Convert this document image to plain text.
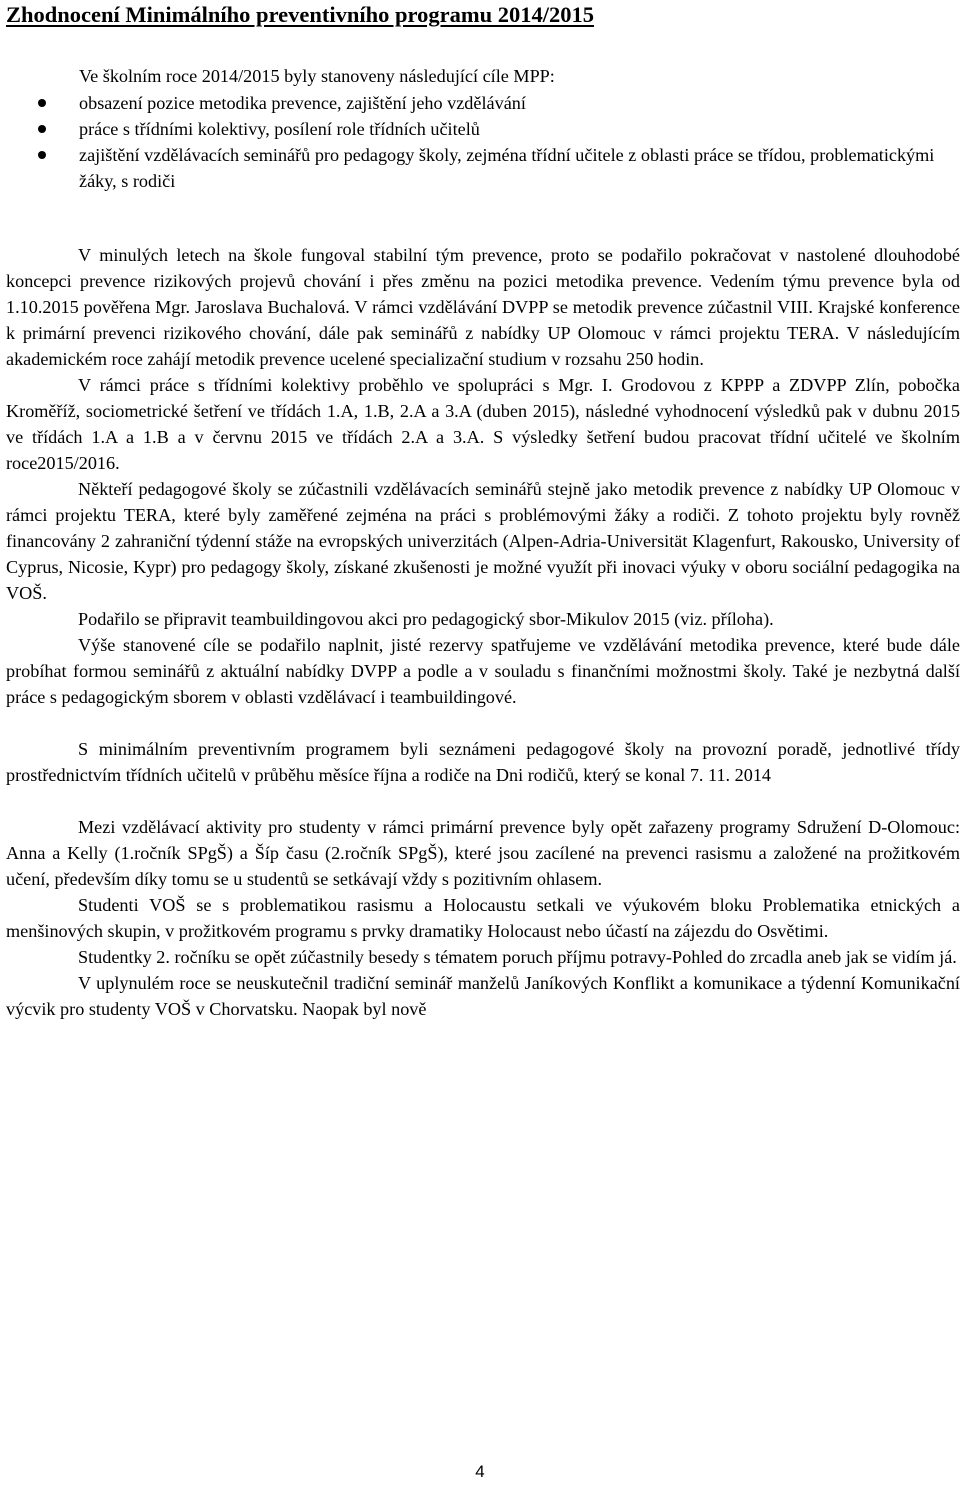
Zhodnocení Minimálního preventivního programu 2014/2015
Ve školním roce 2014/2015 byly stanoveny následující cíle MPP:
obsazení pozice metodika prevence, zajištění jeho vzdělávání
práce s třídními kolektivy, posílení role třídních učitelů
zajištění vzdělávacích seminářů pro pedagogy školy, zejména třídní učitele z oblasti práce se třídou, problematickými žáky, s rodiči

V minulých letech na škole fungoval stabilní tým prevence, proto se podařilo pokračovat v nastolené dlouhodobé koncepci prevence rizikových projevů chování i přes změnu na pozici metodika prevence. Vedením týmu prevence byla od 1.10.2015 pověřena Mgr. Jaroslava Buchalová. V rámci vzdělávání DVPP se metodik prevence zúčastnil VIII. Krajské konference k primární prevenci rizikového chování, dále pak seminářů z nabídky UP Olomouc v rámci projektu TERA. V následujícím akademickém roce zahájí metodik prevence ucelené specializační studium v rozsahu 250 hodin.

V rámci práce s třídními kolektivy proběhlo ve spolupráci s Mgr. I. Grodovou z KPPP a ZDVPP Zlín, pobočka Kroměříž, sociometrické šetření ve třídách 1.A, 1.B, 2.A a 3.A (duben 2015), následné vyhodnocení výsledků pak v dubnu 2015 ve třídách 1.A a 1.B a v červnu 2015 ve třídách 2.A a 3.A. S výsledky šetření budou pracovat třídní učitelé ve školním roce2015/2016.

Někteří pedagogové školy se zúčastnili vzdělávacích seminářů stejně jako metodik prevence z nabídky UP Olomouc v rámci projektu TERA, které byly zaměřené zejména na práci s problémovými žáky a rodiči. Z tohoto projektu byly rovněž financovány 2 zahraniční týdenní stáže na evropských univerzitách (Alpen-Adria-Universität Klagenfurt, Rakousko, University of Cyprus, Nicosie, Kypr) pro pedagogy školy, získané zkušenosti je možné využít při inovaci výuky v oboru sociální pedagogika na VOŠ.

Podařilo se připravit teambuildingovou akci pro pedagogický sbor-Mikulov 2015 (viz. příloha).

Výše stanovené cíle se podařilo naplnit, jisté rezervy spatřujeme ve vzdělávání metodika prevence, které bude dále probíhat formou seminářů z aktuální nabídky DVPP a podle a v souladu s finančními možnostmi školy. Také je nezbytná další práce s pedagogickým sborem v oblasti vzdělávací i teambuildingové.

S minimálním preventivním programem byli seznámeni pedagogové školy na provozní poradě, jednotlivé třídy prostřednictvím třídních učitelů v průběhu měsíce října a rodiče na Dni rodičů, který se konal 7. 11. 2014

Mezi vzdělávací aktivity pro studenty v rámci primární prevence byly opět zařazeny programy Sdružení D-Olomouc: Anna a Kelly (1.ročník SPgŠ) a Šíp času (2.ročník SPgŠ), které jsou zacílené na prevenci rasismu a založené na prožitkovém učení, především díky tomu se u studentů se setkávají vždy s pozitivním ohlasem.

Studenti VOŠ se s problematikou rasismu a Holocaustu setkali ve výukovém bloku Problematika etnických a menšinových skupin, v prožitkovém programu s prvky dramatiky Holocaust nebo účastí na zájezdu do Osvětimi.

Studentky 2. ročníku se opět zúčastnily besedy s tématem poruch příjmu potravy-Pohled do zrcadla aneb jak se vidím já.

V uplynulém roce se neuskutečnil tradiční seminář manželů Janíkových Konflikt a komunikace a týdenní Komunikační výcvik pro studenty VOŠ v Chorvatsku. Naopak byl nově

4
